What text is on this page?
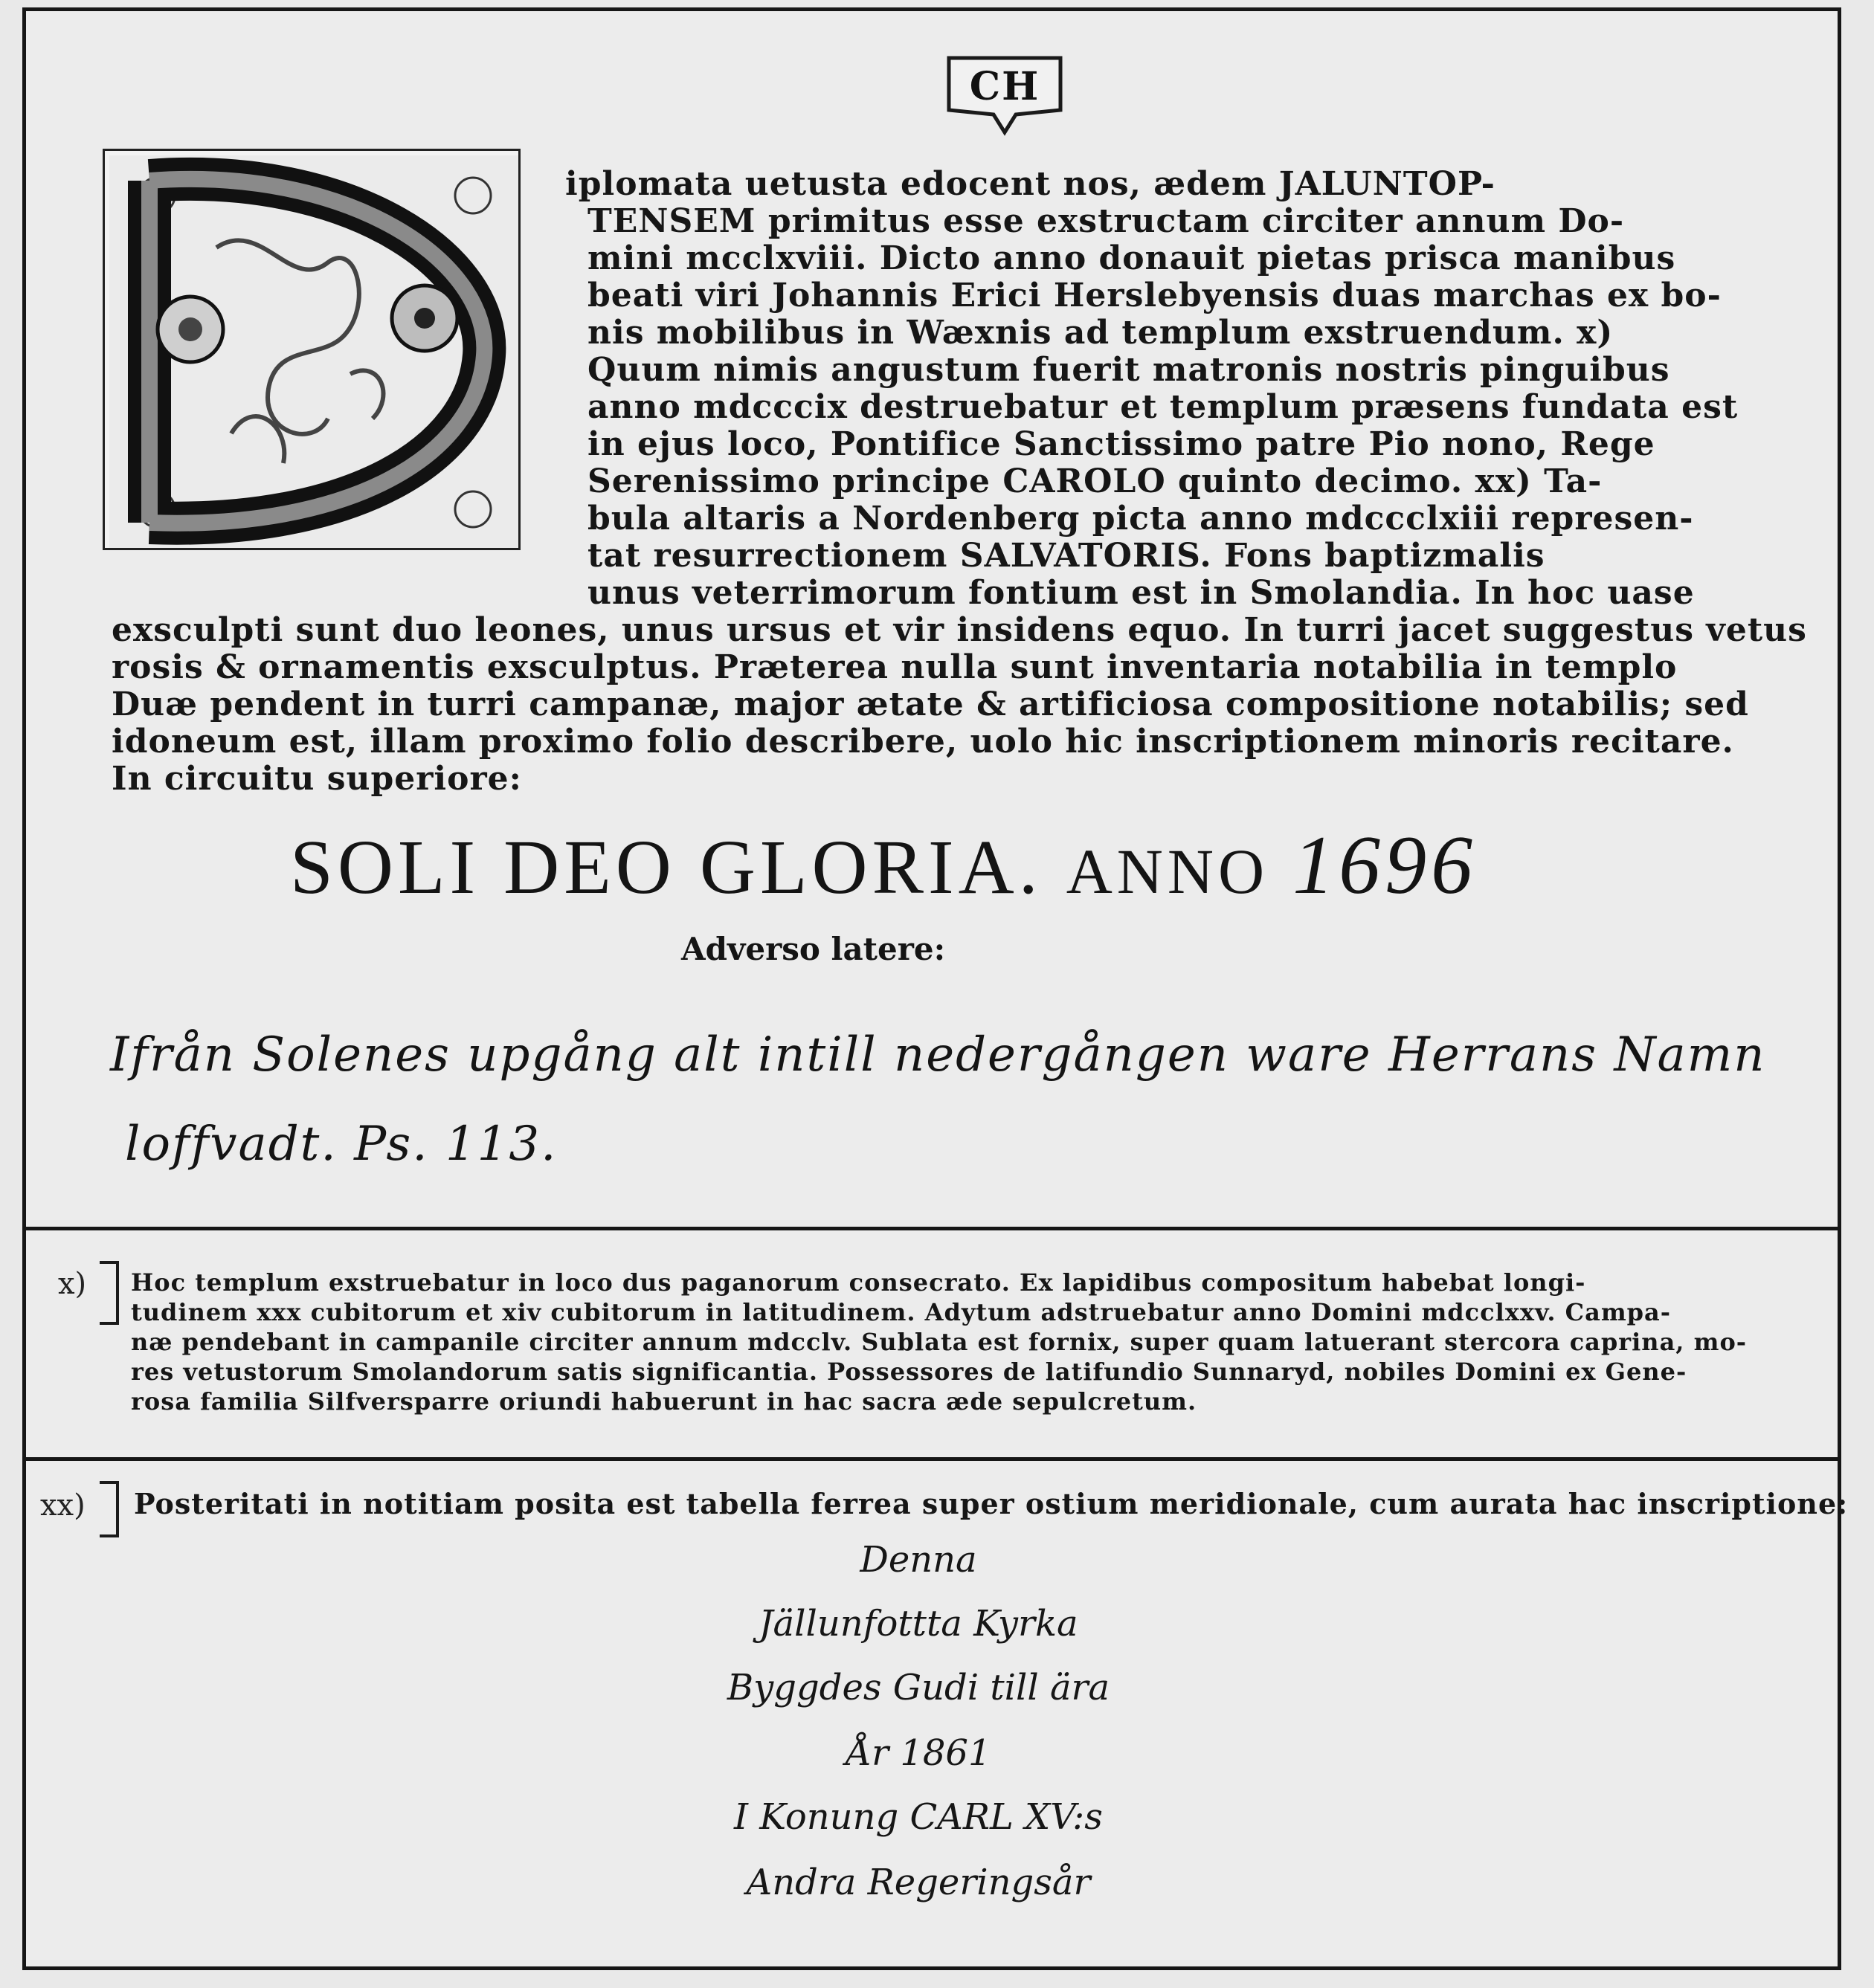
CH
iplomata uetusta edocent nos, ædem JALUNTOP-
TENSEM primitus esse exstructam circiter annum Do-
mini mcclxviii. Dicto anno donauit pietas prisca manibus
beati viri Johannis Erici Herslebyensis duas marchas ex bo-
nis mobilibus in Wæxnis ad templum exstruendum. x)
Quum nimis angustum fuerit matronis nostris pinguibus
anno mdcccix destruebatur et templum præsens fundata est
in ejus loco, Pontifice Sanctissimo patre Pio nono, Rege
Serenissimo principe CAROLO quinto decimo. xx) Ta-
bula altaris a Nordenberg picta anno mdccclxiii represen-
tat resurrectionem SALVATORIS. Fons baptizmalis
unus veterrimorum fontium est in Smolandia. In hoc uase
exsculpti sunt duo leones, unus ursus et vir insidens equo. In turri jacet suggestus vetus
rosis & ornamentis exsculptus. Præterea nulla sunt inventaria notabilia in templo
Duæ pendent in turri campanæ, major ætate & artificiosa compositione notabilis; sed
idoneum est, illam proximo folio describere, uolo hic inscriptionem minoris recitare.
In circuitu superiore:
SOLI DEO GLORIA. ANNO 1696
Adverso latere:
Ifrån Solenes upgång alt intill nedergången ware Herrans Namn
loffvadt. Ps. 113.
x) Hoc templum exstruebatur in loco dus paganorum consecrato. Ex lapidibus compositum habebat longi-
tudinem xxx cubitorum et xiv cubitorum in latitudinem. Adytum adstruebatur anno Domini mdcclxxv. Campa-
næ pendebant in campanile circiter annum mdcclv. Sublata est fornix, super quam latuerant stercora caprina, mo-
res vetustorum Smolandorum satis significantia. Possessores de latifundio Sunnaryd, nobiles Domini ex Gene-
rosa familia Silfversparre oriundi habuerunt in hac sacra æde sepulcretum.
xx) Posteritati in notitiam posita est tabella ferrea super ostium meridionale, cum aurata hac inscriptione:
Denna
Jällunfottta Kyrka
Byggdes Gudi till ära
År 1861
I Konung CARL XV:s
Andra Regeringsår
